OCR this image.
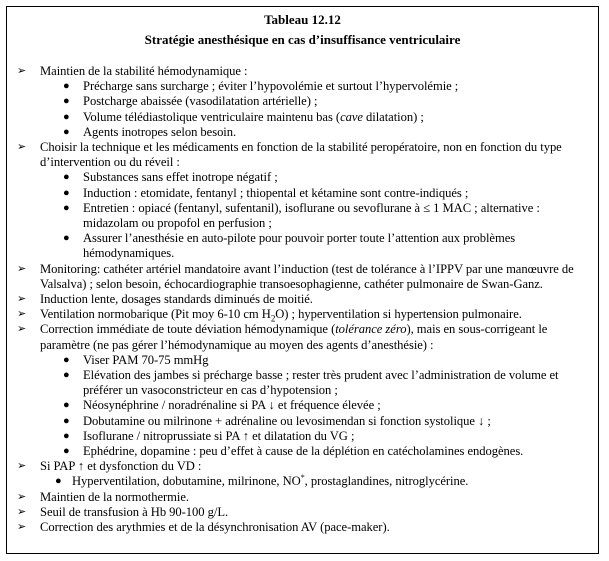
Tableau 12.12
Stratégie anesthésique en cas d’insuffisance ventriculaire
➢ Maintien de la stabilité hémodynamique :
● Précharge sans surcharge ; éviter l’hypovolémie et surtout l’hypervolémie ;
● Postcharge abaissée (vasodilatation artérielle) ;
● Volume télédiastolique ventriculaire maintenu bas (cave dilatation) ;
● Agents inotropes selon besoin.
➢ Choisir la technique et les médicaments en fonction de la stabilité peropératoire, non en fonction du type d’intervention ou du réveil :
● Substances sans effet inotrope négatif ;
● Induction : etomidate, fentanyl ; thiopental et kétamine sont contre-indiqués ;
● Entretien : opiacé (fentanyl, sufentanil), isoflurane ou sevoflurane à ≤ 1 MAC ; alternative : midazolam ou propofol en perfusion ;
● Assurer l’anesthésie en auto-pilote pour pouvoir porter toute l’attention aux problèmes hémodynamiques.
➢ Monitoring: cathéter artériel mandatoire avant l’induction (test de tolérance à l’IPPV par une manœuvre de Valsalva) ; selon besoin, échocardiographie transoesophagienne, cathéter pulmonaire de Swan-Ganz.
➢ Induction lente, dosages standards diminués de moitié.
➢ Ventilation normobarique (Pit moy 6-10 cm $H_2O$) ; hyperventilation si hypertension pulmonaire.
➢ Correction immédiate de toute déviation hémodynamique (tolérance zéro), mais en sous-corrigeant le paramètre (ne pas gérer l’hémodynamique au moyen des agents d’anesthésie) :
● Viser PAM 70-75 mmHg
● Elévation des jambes si précharge basse ; rester très prudent avec l’administration de volume et préférer un vasoconstricteur en cas d’hypotension ;
● Néosynéphrine / noradrénaline si PA ↓ et fréquence élevée ;
● Dobutamine ou milrinone + adrénaline ou levosimendan si fonction systolique ↓ ;
● Isoflurane / nitroprussiate si PA ↑ et dilatation du VG ;
● Ephédrine, dopamine : peu d’effet à cause de la déplétion en catécholamines endogènes.
➢ Si PAP ↑ et dysfonction du VD :
● Hyperventilation, dobutamine, milrinone, NO*, prostaglandines, nitroglycérine.
➢ Maintien de la normothermie.
➢ Seuil de transfusion à Hb 90-100 g/L.
➢ Correction des arythmies et de la désynchronisation AV (pace-maker).
